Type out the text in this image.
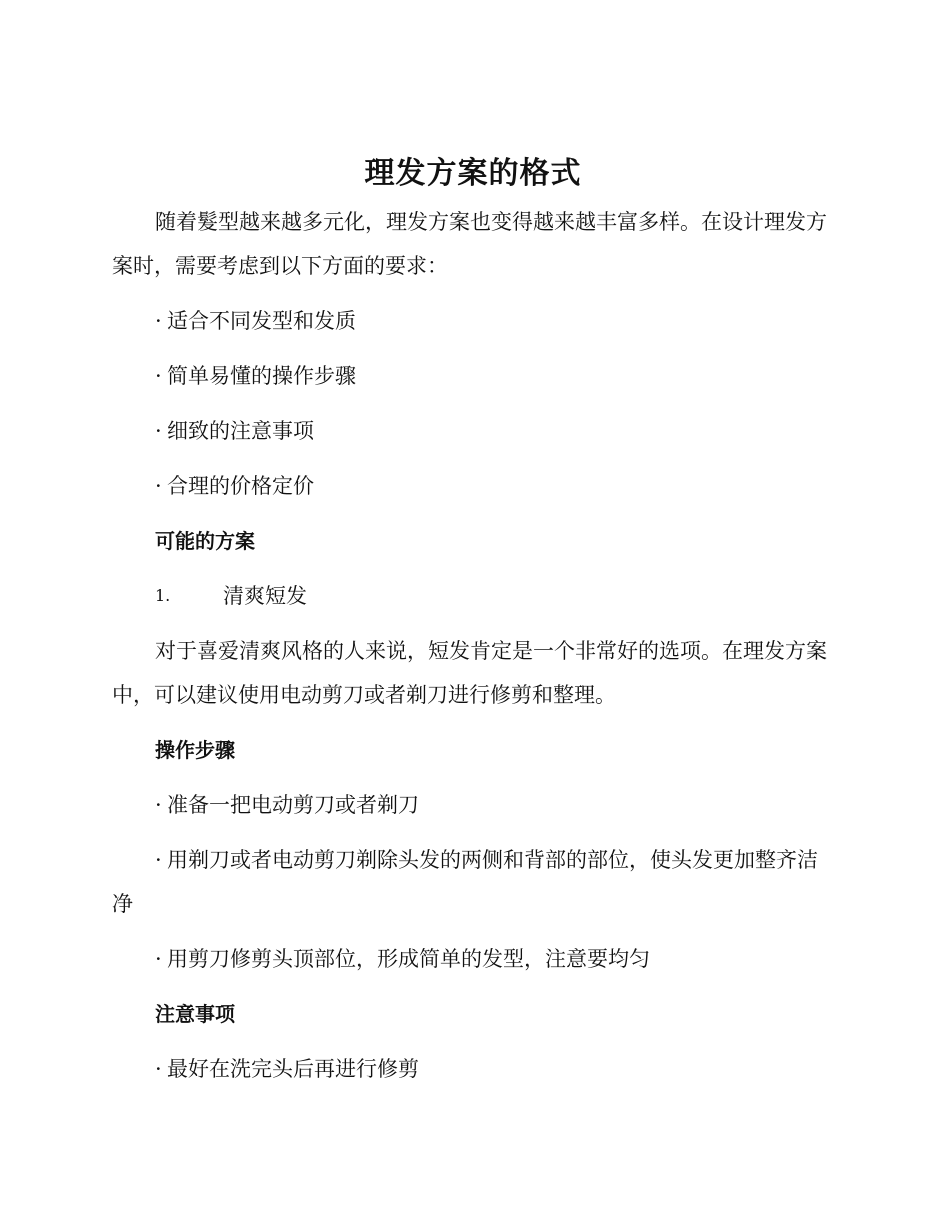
理发方案的格式

随着髮型越来越多元化，理发方案也变得越来越丰富多样。在设计理发方案时，需要考虑到以下方面的要求：

· 适合不同发型和发质

· 简单易懂的操作步骤

· 细致的注意事项

· 合理的价格定价

可能的方案
1.	清爽短发

对于喜爱清爽风格的人来说，短发肯定是一个非常好的选项。在理发方案中，可以建议使用电动剪刀或者剃刀进行修剪和整理。

操作步骤

· 准备一把电动剪刀或者剃刀

· 用剃刀或者电动剪刀剃除头发的两侧和背部的部位，使头发更加整齐洁净

· 用剪刀修剪头顶部位，形成简单的发型，注意要均匀

注意事项

· 最好在洗完头后再进行修剪
